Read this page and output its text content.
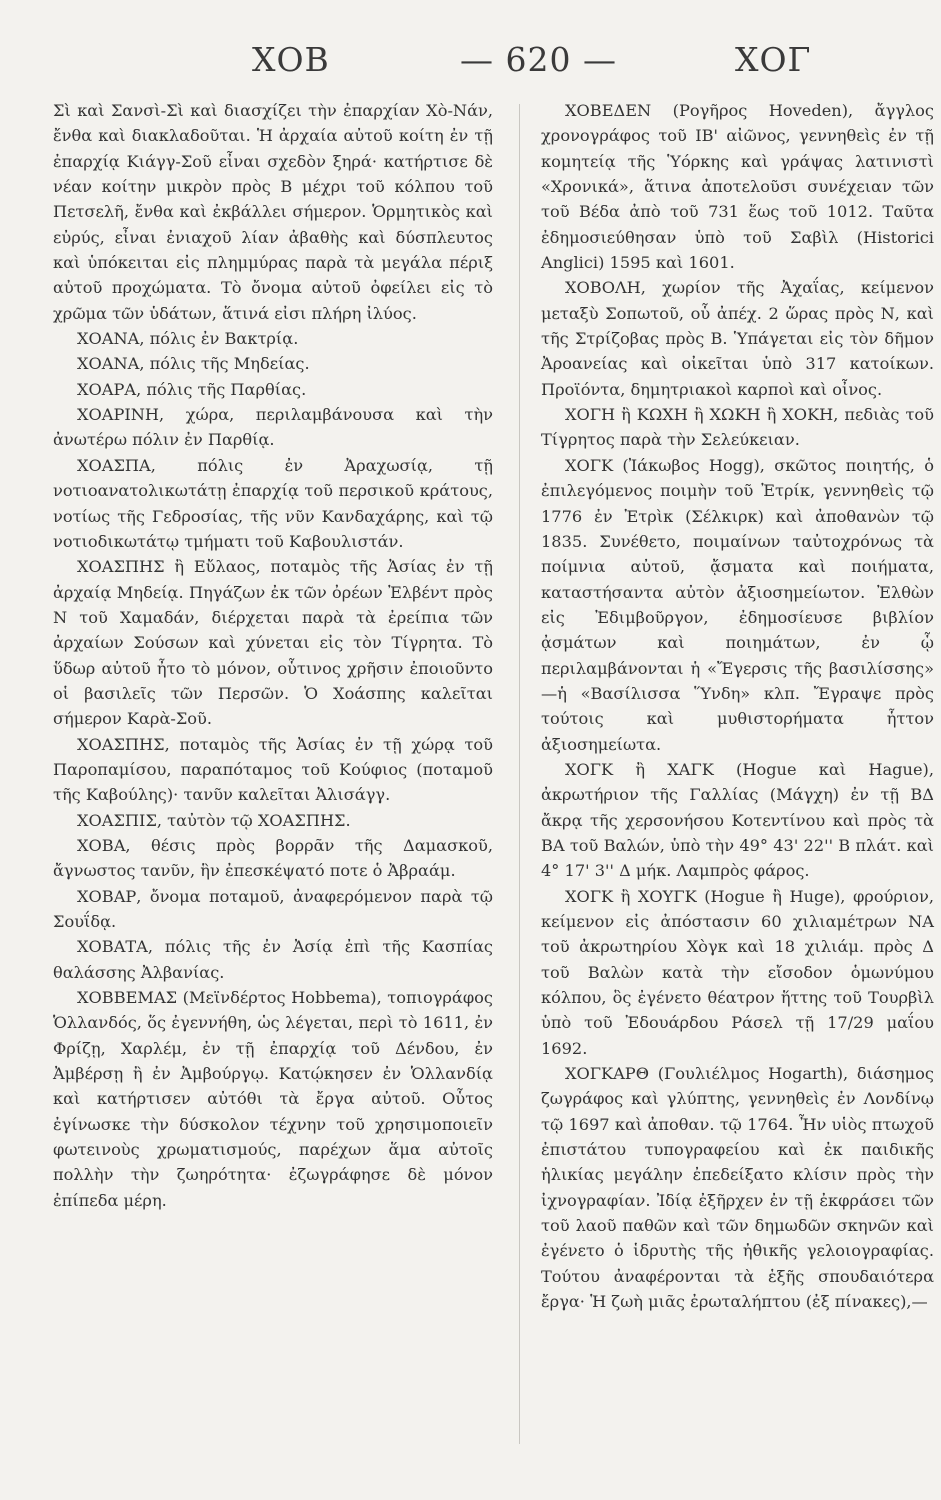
ΧΟΒ	— 620 —	ΧΟΓ

Σὶ καὶ Σανσὶ-Σὶ καὶ διασχίζει τὴν ἐπαρχίαν Χὸ-Νάν, ἔνθα καὶ διακλαδοῦται. Ἡ ἀρχαία αὐτοῦ κοίτη ἐν τῇ ἐπαρχίᾳ Κιάγγ-Σοῦ εἶναι σχεδὸν ξηρά· κατήρτισε δὲ νέαν κοίτην μικρὸν πρὸς Β μέχρι τοῦ κόλπου τοῦ Πετσελῆ, ἔνθα καὶ ἐκβάλλει σήμερον. Ὁρμητικὸς καὶ εὐρύς, εἶναι ἐνιαχοῦ λίαν ἀβαθὴς καὶ δύσπλευτος καὶ ὑπόκειται εἰς πλημμύρας παρὰ τὰ μεγάλα πέριξ αὐτοῦ προχώματα. Τὸ ὄνομα αὐτοῦ ὀφείλει εἰς τὸ χρῶμα τῶν ὑδάτων, ἅτινά εἰσι πλήρη ἰλύος.

ΧΟΑΝΑ, πόλις ἐν Βακτρίᾳ.

ΧΟΑΝΑ, πόλις τῆς Μηδείας.

ΧΟΑΡΑ, πόλις τῆς Παρθίας.

ΧΟΑΡΙΝΗ, χώρα, περιλαμβάνουσα καὶ τὴν ἀνωτέρω πόλιν ἐν Παρθίᾳ.

ΧΟΑΣΠΑ, πόλις ἐν Ἀραχωσίᾳ, τῇ νοτιοανατολικωτάτῃ ἐπαρχίᾳ τοῦ περσικοῦ κράτους, νοτίως τῆς Γεδροσίας, τῆς νῦν Κανδαχάρης, καὶ τῷ νοτιοδικωτάτῳ τμήματι τοῦ Καβουλιστάν.

ΧΟΑΣΠΗΣ ἢ Εὔλαος, ποταμὸς τῆς Ἀσίας ἐν τῇ ἀρχαίᾳ Μηδείᾳ. Πηγάζων ἐκ τῶν ὀρέων Ἐλβέντ πρὸς Ν τοῦ Χαμαδάν, διέρχεται παρὰ τὰ ἐρείπια τῶν ἀρχαίων Σούσων καὶ χύνεται εἰς τὸν Τίγρητα. Τὸ ὕδωρ αὐτοῦ ἦτο τὸ μόνον, οὗτινος χρῆσιν ἐποιοῦντο οἱ βασιλεῖς τῶν Περσῶν. Ὁ Χοάσπης καλεῖται σήμερον Καρὰ-Σοῦ.

ΧΟΑΣΠΗΣ, ποταμὸς τῆς Ἀσίας ἐν τῇ χώρᾳ τοῦ Παροπαμίσου, παραπόταμος τοῦ Κούφιος (ποταμοῦ τῆς Καβούλης)· τανῦν καλεῖται Ἀλισάγγ.

ΧΟΑΣΠΙΣ, ταὐτὸν τῷ ΧΟΑΣΠΗΣ.

ΧΟΒΑ, θέσις πρὸς βορρᾶν τῆς Δαμασκοῦ, ἄγνωστος τανῦν, ἣν ἐπεσκέψατό ποτε ὁ Ἀβραάμ.

ΧΟΒΑΡ, ὄνομα ποταμοῦ, ἀναφερόμενον παρὰ τῷ Σουΐδᾳ.

ΧΟΒΑΤΑ, πόλις τῆς ἐν Ἀσίᾳ ἐπὶ τῆς Κασπίας θαλάσσης Ἀλβανίας.

ΧΟΒΒΕΜΑΣ (Μεϊνδέρτος Hobbema), τοπιογράφος Ὁλλανδός, ὅς ἐγεννήθη, ὡς λέγεται, περὶ τὸ 1611, ἐν Φρίζῃ, Χαρλέμ, ἐν τῇ ἐπαρχίᾳ τοῦ Δένδου, ἐν Ἀμβέρσῃ ἢ ἐν Ἀμβούργῳ. Κατῴκησεν ἐν Ὁλλανδίᾳ καὶ κατήρτισεν αὐτόθι τὰ ἔργα αὐτοῦ. Οὗτος ἐγίνωσκε τὴν δύσκολον τέχνην τοῦ χρησιμοποιεῖν φωτεινοὺς χρωματισμούς, παρέχων ἅμα αὐτοῖς πολλὴν τὴν ζωηρότητα· ἐζωγράφησε δὲ μόνον ἐπίπεδα μέρη.

ΧΟΒΕΔΕΝ (Ρογῆρος Hoveden), ἄγγλος χρονογράφος τοῦ ΙΒ' αἰῶνος, γεννηθεὶς ἐν τῇ κομητείᾳ τῆς Ὑόρκης καὶ γράψας λατινιστὶ «Χρονικά», ἅτινα ἀποτελοῦσι συνέχειαν τῶν τοῦ Βέδα ἀπὸ τοῦ 731 ἕως τοῦ 1012. Ταῦτα ἐδημοσιεύθησαν ὑπὸ τοῦ Σαβὶλ (Historici Anglici) 1595 καὶ 1601.

ΧΟΒΟΛΗ, χωρίον τῆς Ἀχαΐας, κείμενον μεταξὺ Σοπωτοῦ, οὗ ἀπέχ. 2 ὥρας πρὸς Ν, καὶ τῆς Στρίζοβας πρὸς Β. Ὑπάγεται εἰς τὸν δῆμον Ἀροανείας καὶ οἰκεῖται ὑπὸ 317 κατοίκων. Προϊόντα, δημητριακοὶ καρποὶ καὶ οἶνος.

ΧΟΓΗ ἢ ΚΩΧΗ ἢ ΧΩΚΗ ἢ ΧΟΚΗ, πεδιὰς τοῦ Τίγρητος παρὰ τὴν Σελεύκειαν.

ΧΟΓΚ (Ἰάκωβος Hogg), σκῶτος ποιητής, ὁ ἐπιλεγόμενος ποιμὴν τοῦ Ἐτρίκ, γεννηθεὶς τῷ 1776 ἐν Ἐτρὶκ (Σέλκιρκ) καὶ ἀποθανὼν τῷ 1835. Συνέθετο, ποιμαίνων ταὐτοχρόνως τὰ ποίμνια αὐτοῦ, ᾄσματα καὶ ποιήματα, καταστήσαντα αὐτὸν ἀξιοσημείωτον. Ἐλθὼν εἰς Ἐδιμβοῦργον, ἐδημοσίευσε βιβλίον ᾀσμάτων καὶ ποιημάτων, ἐν ᾧ περιλαμβάνονται ἡ «Ἔγερσις τῆς βασιλίσσης» —ἡ «Βασίλισσα Ὕνδη» κλπ. Ἔγραψε πρὸς τούτοις καὶ μυθιστορήματα ἧττον ἀξιοσημείωτα.

ΧΟΓΚ ἢ ΧΑΓΚ (Hogue καὶ Hague), ἀκρωτήριον τῆς Γαλλίας (Μάγχη) ἐν τῇ ΒΔ ἄκρᾳ τῆς χερσονήσου Κοτεντίνου καὶ πρὸς τὰ ΒΑ τοῦ Βαλών, ὑπὸ τὴν 49° 43' 22'' Β πλάτ. καὶ 4° 17' 3'' Δ μήκ. Λαμπρὸς φάρος.

ΧΟΓΚ ἢ ΧΟΥΓΚ (Hogue ἢ Huge), φρούριον, κείμενον εἰς ἀπόστασιν 60 χιλιαμέτρων ΝΑ τοῦ ἀκρωτηρίου Χὸγκ καὶ 18 χιλιάμ. πρὸς Δ τοῦ Βαλὼν κατὰ τὴν εἴσοδον ὁμωνύμου κόλπου, ὃς ἐγένετο θέατρον ἥττης τοῦ Τουρβὶλ ὑπὸ τοῦ Ἐδουάρδου Ράσελ τῇ 17/29 μαΐου 1692.

ΧΟΓΚΑΡΘ (Γουλιέλμος Hogarth), διάσημος ζωγράφος καὶ γλύπτης, γεννηθεὶς ἐν Λονδίνῳ τῷ 1697 καὶ ἀποθαν. τῷ 1764. Ἦν υἱὸς πτωχοῦ ἐπιστάτου τυπογραφείου καὶ ἐκ παιδικῆς ἡλικίας μεγάλην ἐπεδείξατο κλίσιν πρὸς τὴν ἰχνογραφίαν. Ἰδίᾳ ἐξῆρχεν ἐν τῇ ἐκφράσει τῶν τοῦ λαοῦ παθῶν καὶ τῶν δημωδῶν σκηνῶν καὶ ἐγένετο ὁ ἱδρυτὴς τῆς ἠθικῆς γελοιογραφίας. Τούτου ἀναφέρονται τὰ ἑξῆς σπουδαιότερα ἔργα· Ἡ ζωὴ μιᾶς ἐρωταλήπτου (ἐξ πίνακες),—
